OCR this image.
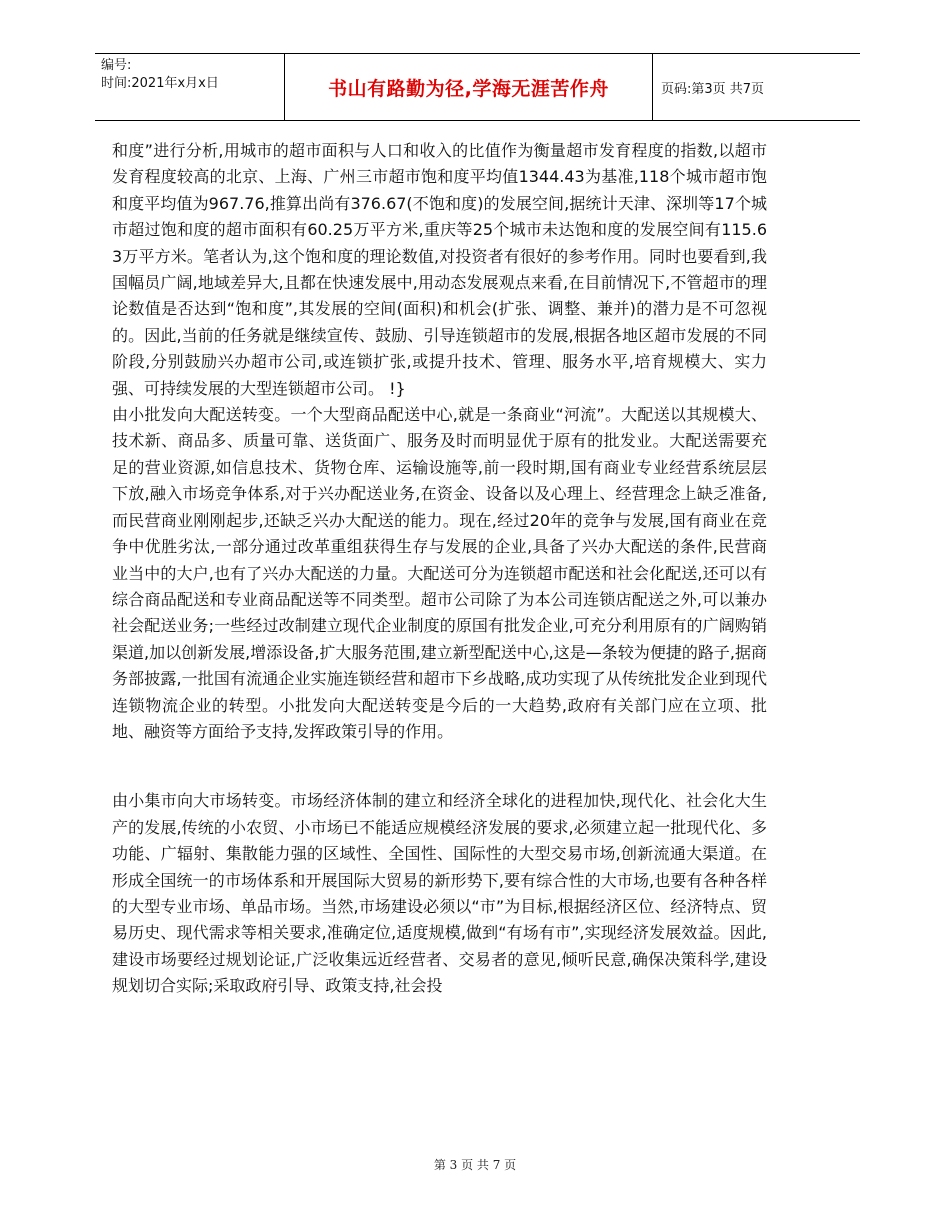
编号:
时间:2021年x月x日	书山有路勤为径,学海无涯苦作舟	页码:第3页 共7页

和度”进行分析,用城市的超市面积与人口和收入的比值作为衡量超市发育程度的指数,以超市发育程度较高的北京、上海、广州三市超市饱和度平均值1344.43为基准,118个城市超市饱和度平均值为967.76,推算出尚有376.67(不饱和度)的发展空间,据统计天津、深圳等17个城市超过饱和度的超市面积有60.25万平方米,重庆等25个城市未达饱和度的发展空间有115.63万平方米。笔者认为,这个饱和度的理论数值,对投资者有很好的参考作用。同时也要看到,我国幅员广阔,地域差异大,且都在快速发展中,用动态发展观点来看,在目前情况下,不管超市的理论数值是否达到“饱和度”,其发展的空间(面积)和机会(扩张、调整、兼并)的潜力是不可忽视的。因此,当前的任务就是继续宣传、鼓励、引导连锁超市的发展,根据各地区超市发展的不同阶段,分别鼓励兴办超市公司,或连锁扩张,或提升技术、管理、服务水平,培育规模大、实力强、可持续发展的大型连锁超市公司。 !}

由小批发向大配送转变。一个大型商品配送中心,就是一条商业“河流”。大配送以其规模大、技术新、商品多、质量可靠、送货面广、服务及时而明显优于原有的批发业。大配送需要充足的营业资源,如信息技术、货物仓库、运输设施等,前一段时期,国有商业专业经营系统层层下放,融入市场竞争体系,对于兴办配送业务,在资金、设备以及心理上、经营理念上缺乏准备,而民营商业刚刚起步,还缺乏兴办大配送的能力。现在,经过20年的竞争与发展,国有商业在竞争中优胜劣汰,一部分通过改革重组获得生存与发展的企业,具备了兴办大配送的条件,民营商业当中的大户,也有了兴办大配送的力量。大配送可分为连锁超市配送和社会化配送,还可以有综合商品配送和专业商品配送等不同类型。超市公司除了为本公司连锁店配送之外,可以兼办社会配送业务;一些经过改制建立现代企业制度的原国有批发企业,可充分利用原有的广阔购销渠道,加以创新发展,增添设备,扩大服务范围,建立新型配送中心,这是—条较为便捷的路子,据商务部披露,一批国有流通企业实施连锁经营和超市下乡战略,成功实现了从传统批发企业到现代连锁物流企业的转型。小批发向大配送转变是今后的一大趋势,政府有关部门应在立项、批地、融资等方面给予支持,发挥政策引导的作用。

由小集市向大市场转变。市场经济体制的建立和经济全球化的进程加快,现代化、社会化大生产的发展,传统的小农贸、小市场已不能适应规模经济发展的要求,必须建立起一批现代化、多功能、广辐射、集散能力强的区域性、全国性、国际性的大型交易市场,创新流通大渠道。在形成全国统一的市场体系和开展国际大贸易的新形势下,要有综合性的大市场,也要有各种各样的大型专业市场、单品市场。当然,市场建设必须以“市”为目标,根据经济区位、经济特点、贸易历史、现代需求等相关要求,准确定位,适度规模,做到“有场有市”,实现经济发展效益。因此,建设市场要经过规划论证,广泛收集远近经营者、交易者的意见,倾听民意,确保决策科学,建设规划切合实际;采取政府引导、政策支持,社会投

第 3 页 共 7 页
